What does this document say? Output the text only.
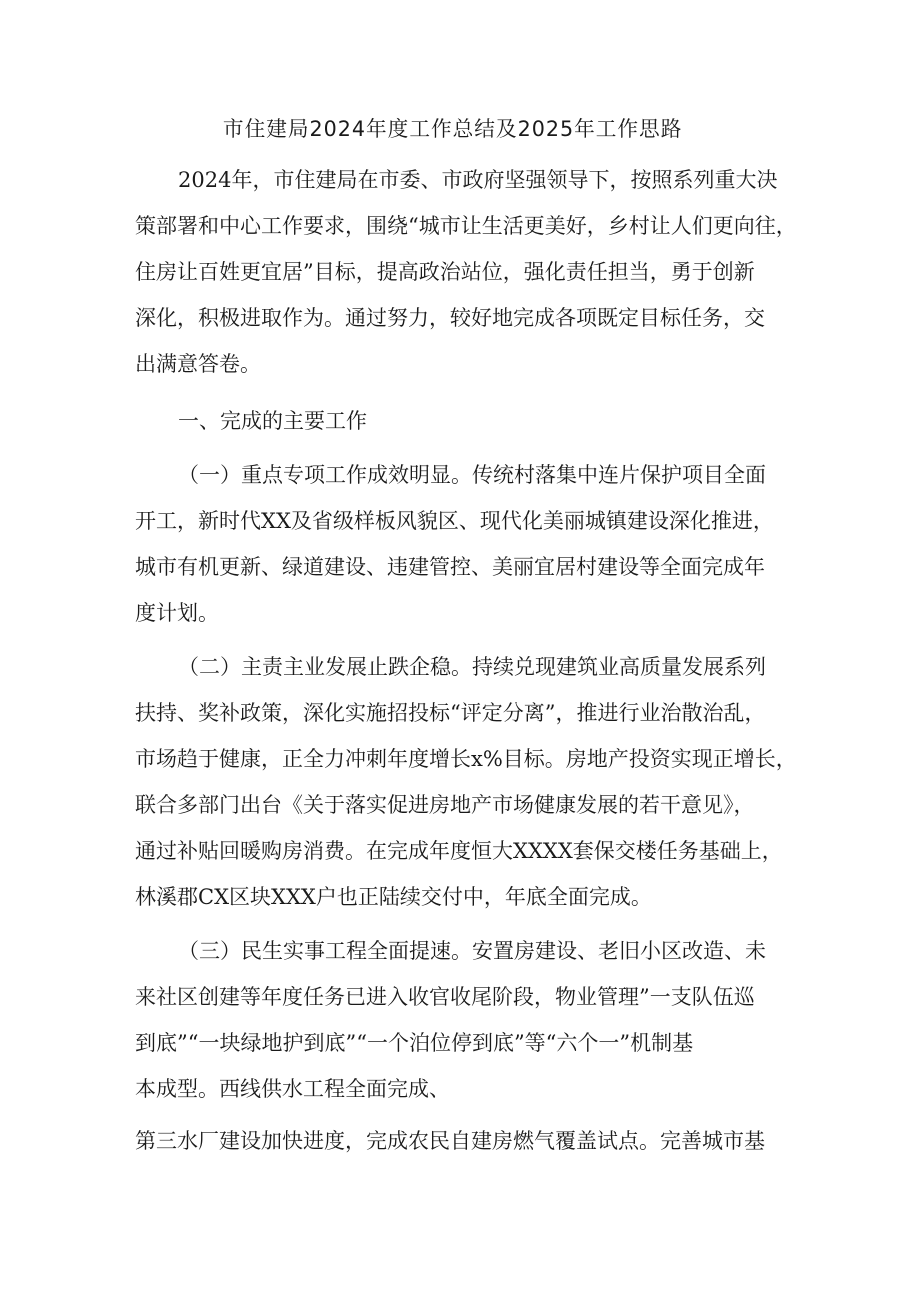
市住建局2024年度工作总结及2025年工作思路
2024年，市住建局在市委、市政府坚强领导下，按照系列重大决
策部署和中心工作要求，围绕“城市让生活更美好，乡村让人们更向往，
住房让百姓更宜居”目标，提高政治站位，强化责任担当，勇于创新
深化，积极进取作为。通过努力，较好地完成各项既定目标任务，交
出满意答卷。
一、完成的主要工作
（一）重点专项工作成效明显。传统村落集中连片保护项目全面
开工，新时代XX及省级样板风貌区、现代化美丽城镇建设深化推进，
城市有机更新、绿道建设、违建管控、美丽宜居村建设等全面完成年
度计划。
（二）主责主业发展止跌企稳。持续兑现建筑业高质量发展系列
扶持、奖补政策，深化实施招投标“评定分离”，推进行业治散治乱，
市场趋于健康，正全力冲刺年度增长x%目标。房地产投资实现正增长，
联合多部门出台《关于落实促进房地产市场健康发展的若干意见》，
通过补贴回暖购房消费。在完成年度恒大XXXX套保交楼任务基础上，
林溪郡CX区块XXX户也正陆续交付中，年底全面完成。
（三）民生实事工程全面提速。安置房建设、老旧小区改造、未
来社区创建等年度任务已进入收官收尾阶段，物业管理”一支队伍巡
到底”“一块绿地护到底”“一个泊位停到底”等“六个一”机制基
本成型。西线供水工程全面完成、
第三水厂建设加快进度，完成农民自建房燃气覆盖试点。完善城市基
